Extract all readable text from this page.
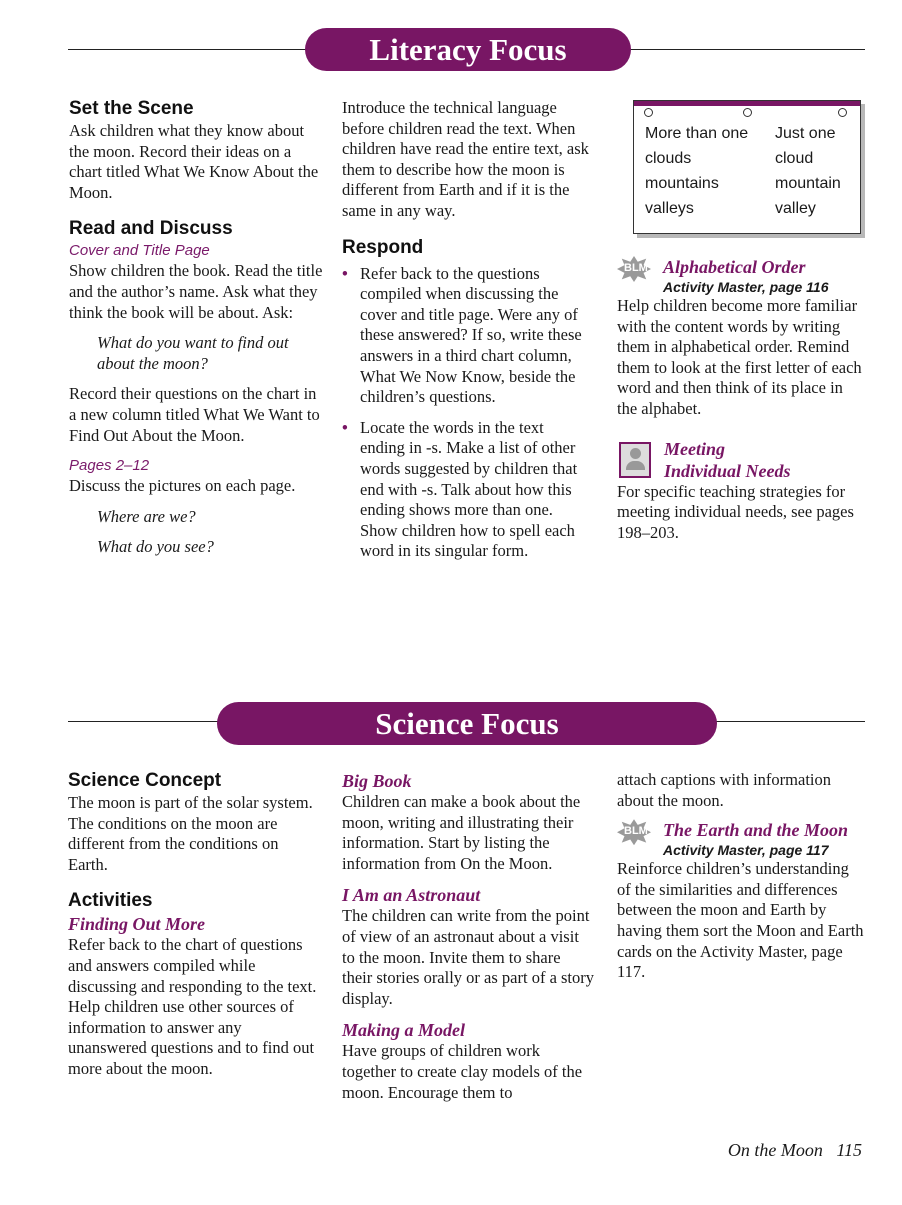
Literacy Focus
Set the Scene

Ask children what they know about the moon. Record their ideas on a chart titled What We Know About the Moon.

Read and Discuss
Cover and Title Page

Show children the book. Read the title and the author’s name. Ask what they think the book will be about. Ask:

What do you want to find out about the moon?

Record their questions on the chart in a new column titled What We Want to Find Out About the Moon.

Pages 2–12

Discuss the pictures on each page.

Where are we?

What do you see?

Introduce the technical language before children read the text. When children have read the entire text, ask them to describe how the moon is different from Earth and if it is the same in any way.

Respond
• Refer back to the questions compiled when discussing the cover and title page. Were any of these answered? If so, write these answers in a third chart column, What We Now Know, beside the children’s questions.
• Locate the words in the text ending in -s. Make a list of other words suggested by children that end with -s. Talk about how this ending shows more than one. Show children how to spell each word in its singular form.
More than one
clouds
mountains
valleys
Just one
cloud
mountain
valley
BLM Alphabetical Order
Activity Master, page 116

Help children become more familiar with the content words by writing them in alphabetical order. Remind them to look at the first letter of each word and then think of its place in the alphabet.

Meeting
Individual Needs

For specific teaching strategies for meeting individual needs, see pages 198–203.

Science Focus
Science Concept

The moon is part of the solar system. The conditions on the moon are different from the conditions on Earth.

Activities
Finding Out More

Refer back to the chart of questions and answers compiled while discussing and responding to the text. Help children use other sources of information to answer any unanswered questions and to find out more about the moon.

Big Book

Children can make a book about the moon, writing and illustrating their information. Start by listing the information from On the Moon.

I Am an Astronaut

The children can write from the point of view of an astronaut about a visit to the moon. Invite them to share their stories orally or as part of a story display.

Making a Model

Have groups of children work together to create clay models of the moon. Encourage them to

attach captions with information about the moon.

BLM The Earth and the Moon
Activity Master, page 117

Reinforce children’s understanding of the similarities and differences between the moon and Earth by having them sort the Moon and Earth cards on the Activity Master, page 117.

On the Moon 115
